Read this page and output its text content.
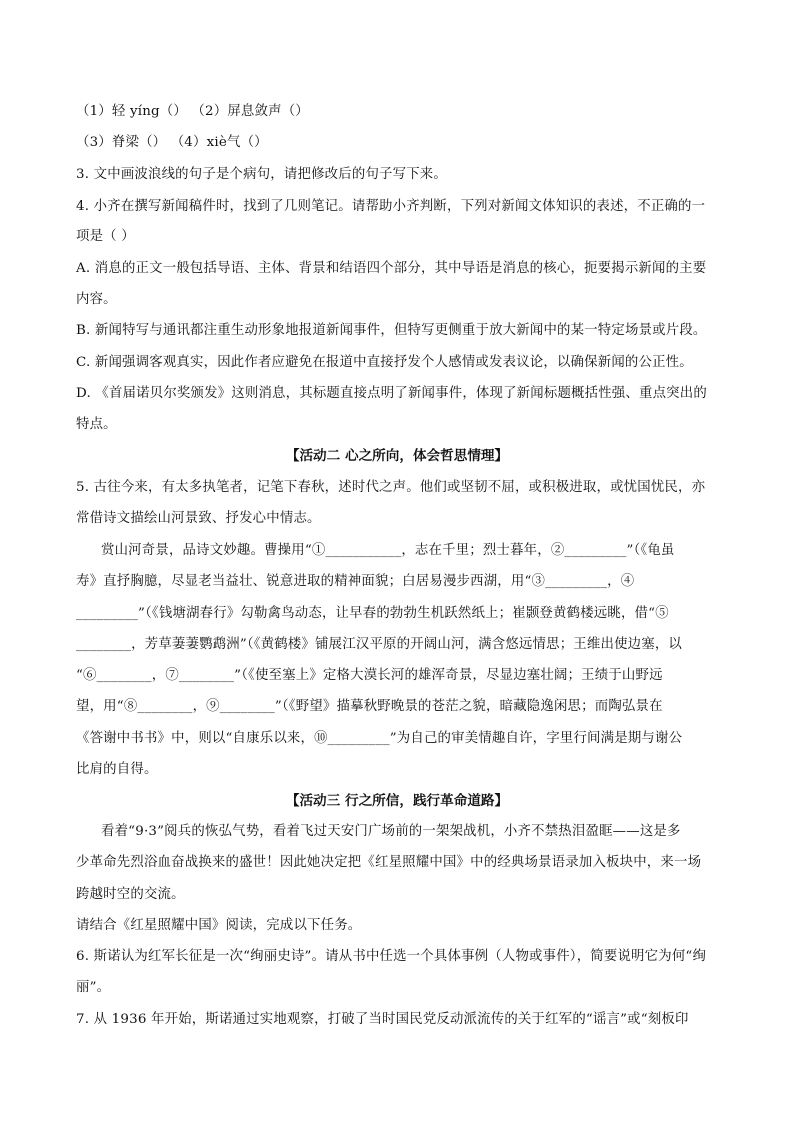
（1）轻 yíng（） （2）屏息敛声（）
（3）脊梁（） （4）xiè气（）
3. 文中画波浪线的句子是个病句，请把修改后的句子写下来。
4. 小齐在撰写新闻稿件时，找到了几则笔记。请帮助小齐判断，下列对新闻文体知识的表述，不正确的一
项是（ ）
A. 消息的正文一般包括导语、主体、背景和结语四个部分，其中导语是消息的核心，扼要揭示新闻的主要
内容。
B. 新闻特写与通讯都注重生动形象地报道新闻事件，但特写更侧重于放大新闻中的某一特定场景或片段。
C. 新闻强调客观真实，因此作者应避免在报道中直接抒发个人感情或发表议论，以确保新闻的公正性。
D. 《首届诺贝尔奖颁发》这则消息，其标题直接点明了新闻事件，体现了新闻标题概括性强、重点突出的
特点。
【活动二 心之所向，体会哲思情理】
5. 古往今来，有太多执笔者，记笔下春秋，述时代之声。他们或坚韧不屈，或积极进取，或忧国忧民，亦
常借诗文描绘山河景致、抒发心中情志。
赏山河奇景，品诗文妙趣。曹操用“①___________，志在千里；烈士暮年，②_________”（《龟虽
寿》直抒胸臆，尽显老当益壮、锐意进取的精神面貌；白居易漫步西湖，用“③_________，④
_________”（《钱塘湖春行》勾勒禽鸟动态，让早春的勃勃生机跃然纸上；崔颢登黄鹤楼远眺，借“⑤
________，芳草萋萋鹦鹉洲”（《黄鹤楼》铺展江汉平原的开阔山河，满含悠远情思；王维出使边塞，以
“⑥________，⑦________”（《使至塞上》定格大漠长河的雄浑奇景，尽显边塞壮阔；王绩于山野远
望，用“⑧________，⑨________”（《野望》描摹秋野晚景的苍茫之貌，暗藏隐逸闲思；而陶弘景在
《答谢中书书》中，则以“自康乐以来，⑩_________”为自己的审美情趣自许，字里行间满是期与谢公
比肩的自得。
【活动三 行之所信，践行革命道路】
看着“9·3”阅兵的恢弘气势，看着飞过天安门广场前的一架架战机，小齐不禁热泪盈眶——这是多
少革命先烈浴血奋战换来的盛世！因此她决定把《红星照耀中国》中的经典场景语录加入板块中，来一场
跨越时空的交流。
请结合《红星照耀中国》阅读，完成以下任务。
6. 斯诺认为红军长征是一次“绚丽史诗”。请从书中任选一个具体事例（人物或事件），简要说明它为何“绚
丽”。
7. 从 1936 年开始，斯诺通过实地观察，打破了当时国民党反动派流传的关于红军的“谣言”或“刻板印
